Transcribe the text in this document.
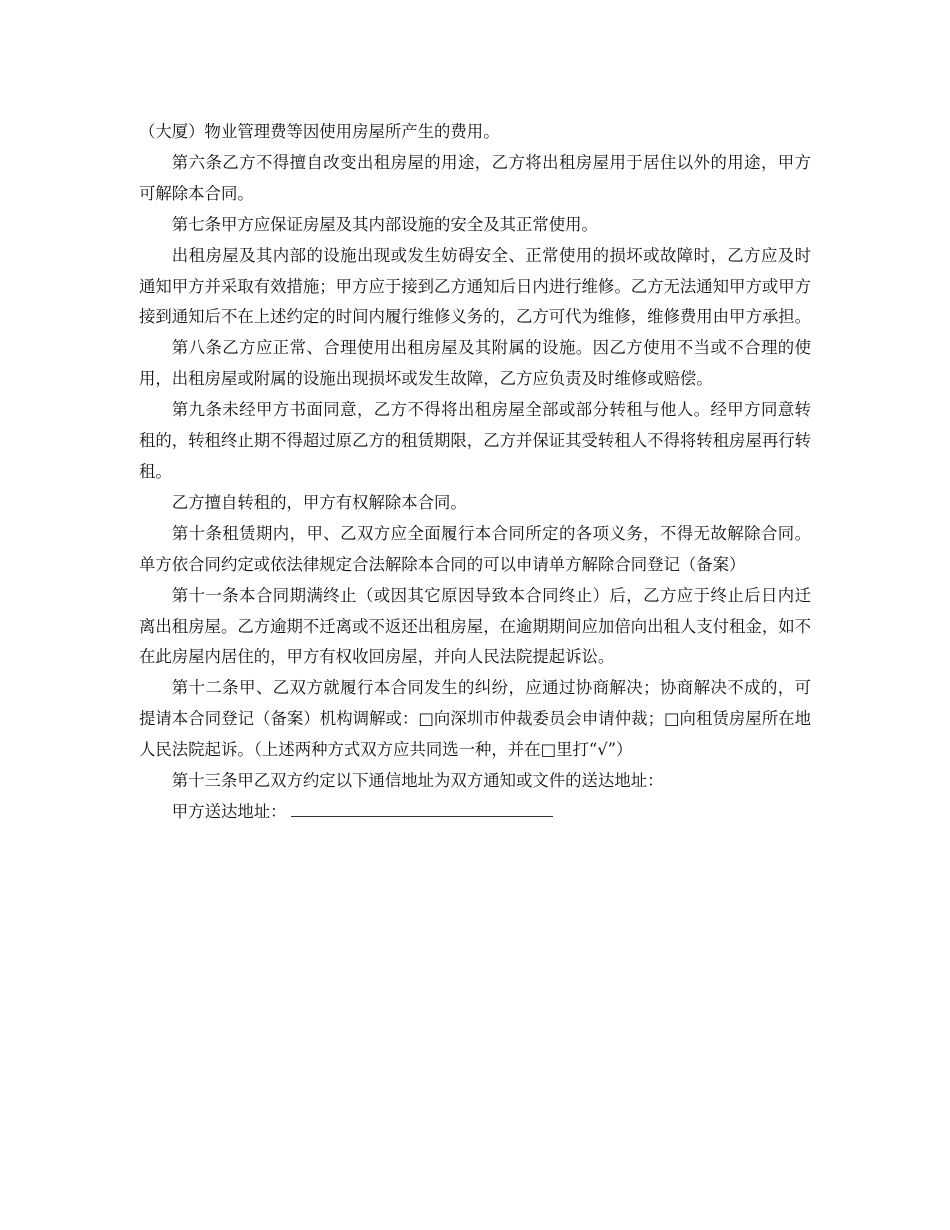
（大厦）物业管理费等因使用房屋所产生的费用。

第六条乙方不得擅自改变出租房屋的用途，乙方将出租房屋用于居住以外的用途，甲方可解除本合同。

第七条甲方应保证房屋及其内部设施的安全及其正常使用。

出租房屋及其内部的设施出现或发生妨碍安全、正常使用的损坏或故障时，乙方应及时通知甲方并采取有效措施；甲方应于接到乙方通知后日内进行维修。乙方无法通知甲方或甲方接到通知后不在上述约定的时间内履行维修义务的，乙方可代为维修，维修费用由甲方承担。

第八条乙方应正常、合理使用出租房屋及其附属的设施。因乙方使用不当或不合理的使用，出租房屋或附属的设施出现损坏或发生故障，乙方应负责及时维修或赔偿。

第九条未经甲方书面同意，乙方不得将出租房屋全部或部分转租与他人。经甲方同意转租的，转租终止期不得超过原乙方的租赁期限，乙方并保证其受转租人不得将转租房屋再行转租。

乙方擅自转租的，甲方有权解除本合同。

第十条租赁期内，甲、乙双方应全面履行本合同所定的各项义务，不得无故解除合同。单方依合同约定或依法律规定合法解除本合同的可以申请单方解除合同登记（备案）

第十一条本合同期满终止（或因其它原因导致本合同终止）后，乙方应于终止后日内迁离出租房屋。乙方逾期不迁离或不返还出租房屋，在逾期期间应加倍向出租人支付租金，如不在此房屋内居住的，甲方有权收回房屋，并向人民法院提起诉讼。

第十二条甲、乙双方就履行本合同发生的纠纷，应通过协商解决；协商解决不成的，可提请本合同登记（备案）机构调解或：□向深圳市仲裁委员会申请仲裁；□向租赁房屋所在地人民法院起诉。（上述两种方式双方应共同选一种，并在□里打“√”）

第十三条甲乙双方约定以下通信地址为双方通知或文件的送达地址：

甲方送达地址：
